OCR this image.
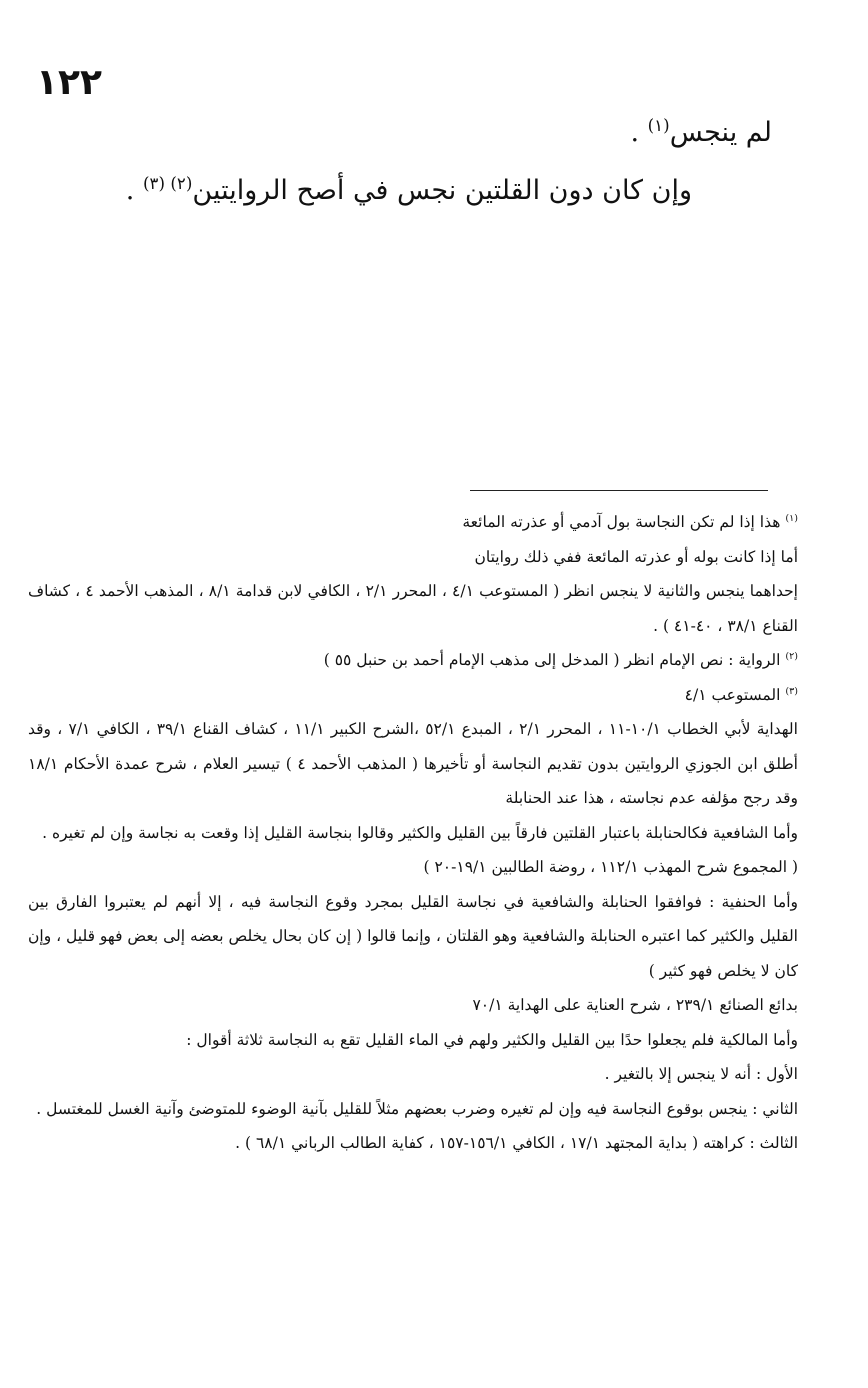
١٢٢
لم ينجس$^{(١)}$ .
وإن كان دون القلتين نجس في أصح الروايتين$^{(٢) (٣)}$ .

$^{(١)}$ هذا إذا لم تكن النجاسة بول آدمي أو عذرته المائعة

أما إذا كانت بوله أو عذرته المائعة ففي ذلك روايتان

إحداهما ينجس والثانية لا ينجس انظر ( المستوعب ٤/١ ، المحرر ٢/١ ، الكافي لابن قدامة ٨/١ ، المذهب الأحمد ٤ ، كشاف القناع ٣٨/١ ، ٤٠-٤١ ) .

$^{(٢)}$ الرواية : نص الإمام انظر ( المدخل إلى مذهب الإمام أحمد بن حنبل ٥٥ )

$^{(٣)}$ المستوعب ٤/١

الهداية لأبي الخطاب ١٠/١-١١ ، المحرر ٢/١ ، المبدع ٥٢/١ ،الشرح الكبير ١١/١ ، كشاف القناع ٣٩/١ ، الكافي ٧/١ ، وقد أطلق ابن الجوزي الروايتين بدون تقديم النجاسة أو تأخيرها ( المذهب الأحمد ٤ ) تيسير العلام ، شرح عمدة الأحكام ١٨/١ وقد رجح مؤلفه عدم نجاسته ، هذا عند الحنابلة

وأما الشافعية فكالحنابلة باعتبار القلتين فارقاً بين القليل والكثير وقالوا بنجاسة القليل إذا وقعت به نجاسة وإن لم تغيره .

( المجموع شرح المهذب ١١٢/١ ، روضة الطالبين ١٩/١-٢٠ )

وأما الحنفية : فوافقوا الحنابلة والشافعية في نجاسة القليل بمجرد وقوع النجاسة فيه ، إلا أنهم لم يعتبروا الفارق بين القليل والكثير كما اعتبره الحنابلة والشافعية وهو القلتان ، وإنما قالوا ( إن كان بحال يخلص بعضه إلى بعض فهو قليل ، وإن كان لا يخلص فهو كثير )

بدائع الصنائع ٢٣٩/١ ، شرح العناية على الهداية ٧٠/١

وأما المالكية فلم يجعلوا حدًا بين القليل والكثير ولهم في الماء القليل تقع به النجاسة ثلاثة أقوال :

الأول : أنه لا ينجس إلا بالتغير .

الثاني : ينجس بوقوع النجاسة فيه وإن لم تغيره وضرب بعضهم مثلاً للقليل بآنية الوضوء للمتوضئ وآنية الغسل للمغتسل .

الثالث : كراهته ( بداية المجتهد ١٧/١ ، الكافي ١٥٦/١-١٥٧ ، كفاية الطالب الرباني ٦٨/١ ) .
